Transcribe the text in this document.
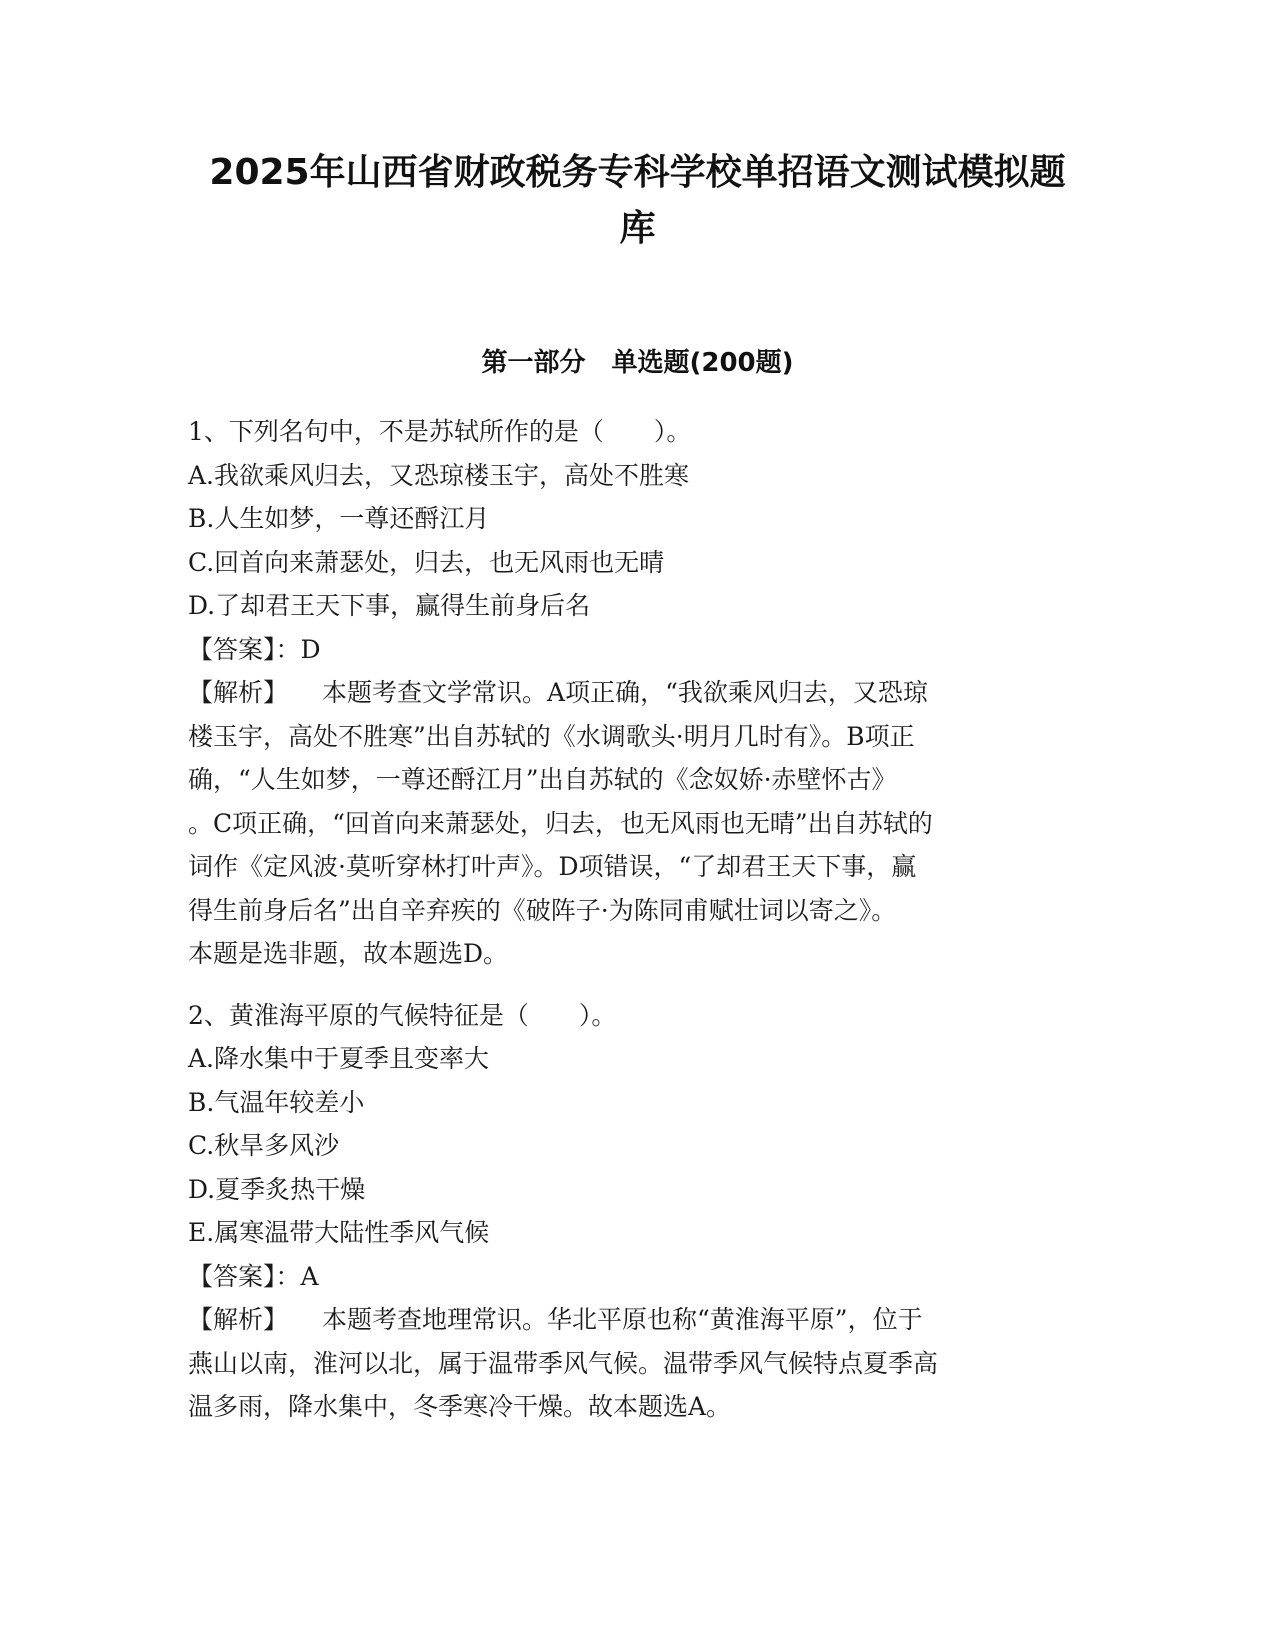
2025年山西省财政税务专科学校单招语文测试模拟题
库
第一部分　单选题(200题)
1、下列名句中，不是苏轼所作的是（　　）。
A.我欲乘风归去，又恐琼楼玉宇，高处不胜寒
B.人生如梦，一尊还酹江月
C.回首向来萧瑟处，归去，也无风雨也无晴
D.了却君王天下事，赢得生前身后名
【答案】：D
【解析】 本题考查文学常识。A项正确，“我欲乘风归去，又恐琼
楼玉宇，高处不胜寒”出自苏轼的《水调歌头·明月几时有》。B项正
确，“人生如梦，一尊还酹江月”出自苏轼的《念奴娇·赤壁怀古》
。C项正确，“回首向来萧瑟处，归去，也无风雨也无晴”出自苏轼的
词作《定风波·莫听穿林打叶声》。D项错误，“了却君王天下事，赢
得生前身后名”出自辛弃疾的《破阵子·为陈同甫赋壮词以寄之》。
本题是选非题，故本题选D。
2、黄淮海平原的气候特征是（　　）。
A.降水集中于夏季且变率大
B.气温年较差小
C.秋旱多风沙
D.夏季炙热干燥
E.属寒温带大陆性季风气候
【答案】：A
【解析】 本题考查地理常识。华北平原也称“黄淮海平原”，位于
燕山以南，淮河以北，属于温带季风气候。温带季风气候特点夏季高
温多雨，降水集中，冬季寒冷干燥。故本题选A。
